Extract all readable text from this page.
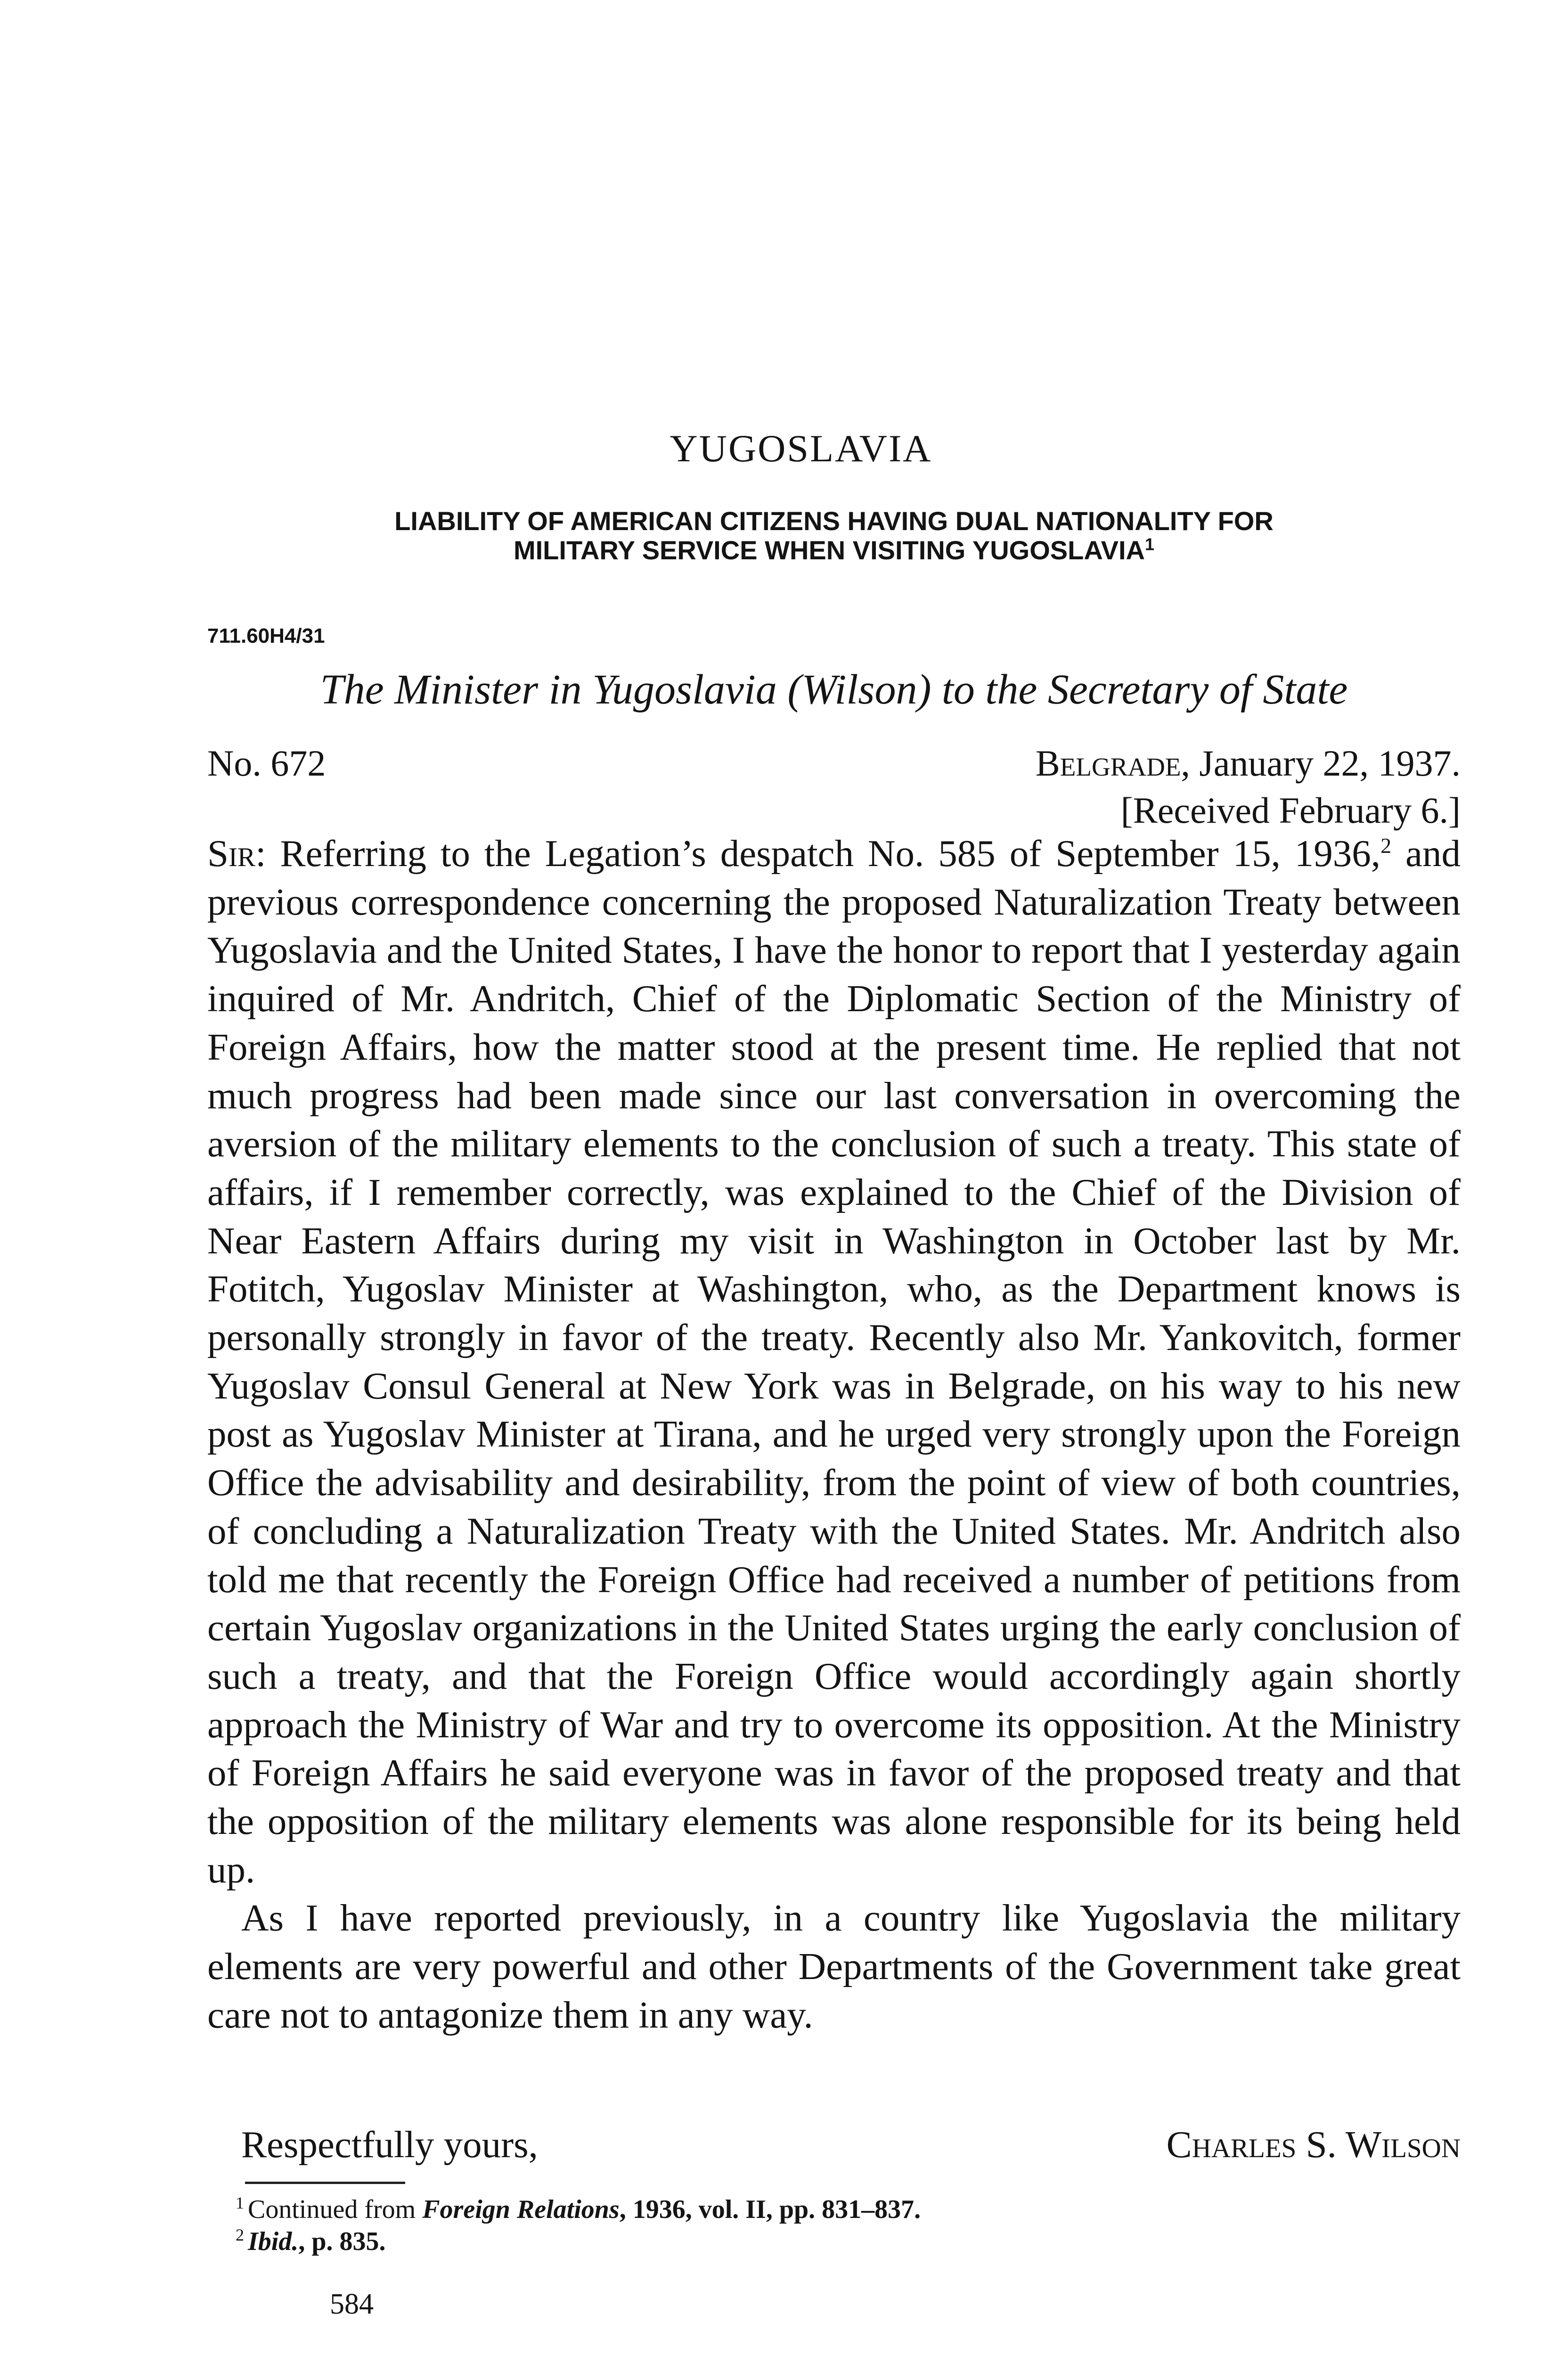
YUGOSLAVIA
LIABILITY OF AMERICAN CITIZENS HAVING DUAL NATIONALITY FOR
MILITARY SERVICE WHEN VISITING YUGOSLAVIA$^1$
711.60H4/31
The Minister in Yugoslavia (Wilson) to the Secretary of State
No. 672	Belgrade, January 22, 1937.
[Received February 6.]

Sir: Referring to the Legation’s despatch No. 585 of September 15, 1936,$^2$ and previous correspondence concerning the proposed Naturalization Treaty between Yugoslavia and the United States, I have the honor to report that I yesterday again inquired of Mr. Andritch, Chief of the Diplomatic Section of the Ministry of Foreign Affairs, how the matter stood at the present time. He replied that not much progress had been made since our last conversation in overcoming the aversion of the military elements to the conclusion of such a treaty. This state of affairs, if I remember correctly, was explained to the Chief of the Division of Near Eastern Affairs during my visit in Washington in October last by Mr. Fotitch, Yugoslav Minister at Washington, who, as the Department knows is personally strongly in favor of the treaty. Recently also Mr. Yankovitch, former Yugoslav Consul General at New York was in Belgrade, on his way to his new post as Yugoslav Minister at Tirana, and he urged very strongly upon the Foreign Office the advisability and desirability, from the point of view of both countries, of concluding a Naturalization Treaty with the United States. Mr. Andritch also told me that recently the Foreign Office had received a number of petitions from certain Yugoslav organizations in the United States urging the early conclusion of such a treaty, and that the Foreign Office would accordingly again shortly approach the Ministry of War and try to overcome its opposition. At the Ministry of Foreign Affairs he said everyone was in favor of the proposed treaty and that the opposition of the military elements was alone responsible for its being held up.

As I have reported previously, in a country like Yugoslavia the military elements are very powerful and other Departments of the Government take great care not to antagonize them in any way.

Respectfully yours,	Charles S. Wilson
$^1$ Continued from Foreign Relations, 1936, vol. II, pp. 831–837.
$^2$ Ibid., p. 835.
584
